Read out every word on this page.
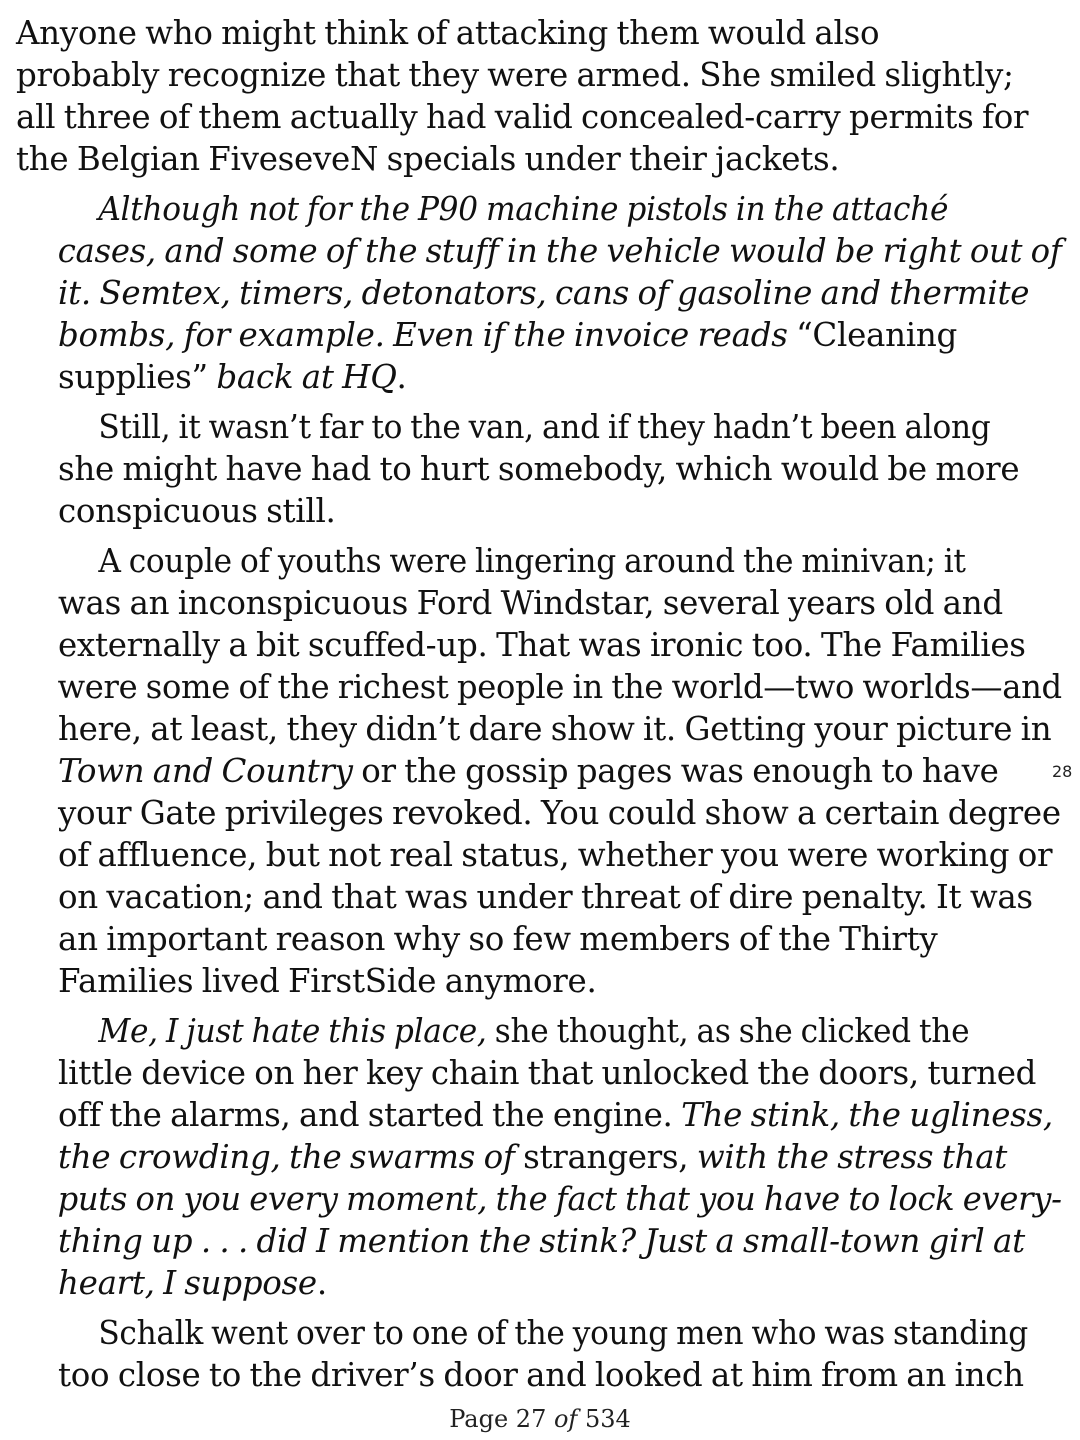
Anyone who might think of attacking them would also
probably recognize that they were armed. She smiled slightly;
all three of them actually had valid concealed-carry permits for
the Belgian FiveseveN specials under their jackets.
Although not for the P90 machine pistols in the attachécases, and some of the stuff in the vehicle would be right out of
it. Semtex, timers, detonators, cans of gasoline and thermite
bombs, for example. Even if the invoice reads “Cleaning
supplies” back at HQ.
Still, it wasn’t far to the van, and if they hadn’t been along
she might have had to hurt somebody, which would be more
conspicuous still.
A couple of youths were lingering around the minivan; it
was an inconspicuous Ford Windstar, several years old and
externally a bit scuffed-up. That was ironic too. The Families
were some of the richest people in the world—two worlds—and
here, at least, they didn’t dare show it. Getting your picture in
Town and Country or the gossip pages was enough to have
your Gate privileges revoked. You could show a certain degree
of affluence, but not real status, whether you were working or
on vacation; and that was under threat of dire penalty. It was
an important reason why so few members of the Thirty
Families lived FirstSide anymore.
Me, I just hate this place, she thought, as she clicked the
little device on her key chain that unlocked the doors, turned
off the alarms, and started the engine. The stink, the ugliness,
the crowding, the swarms of strangers, with the stress that
puts on you every moment, the fact that you have to lock every-
thing up . . . did I mention the stink? Just a small-town girl at
heart, I suppose.
Schalk went over to one of the young men who was standing
too close to the driver’s door and looked at him from an inch
28
Page 27 of 534
